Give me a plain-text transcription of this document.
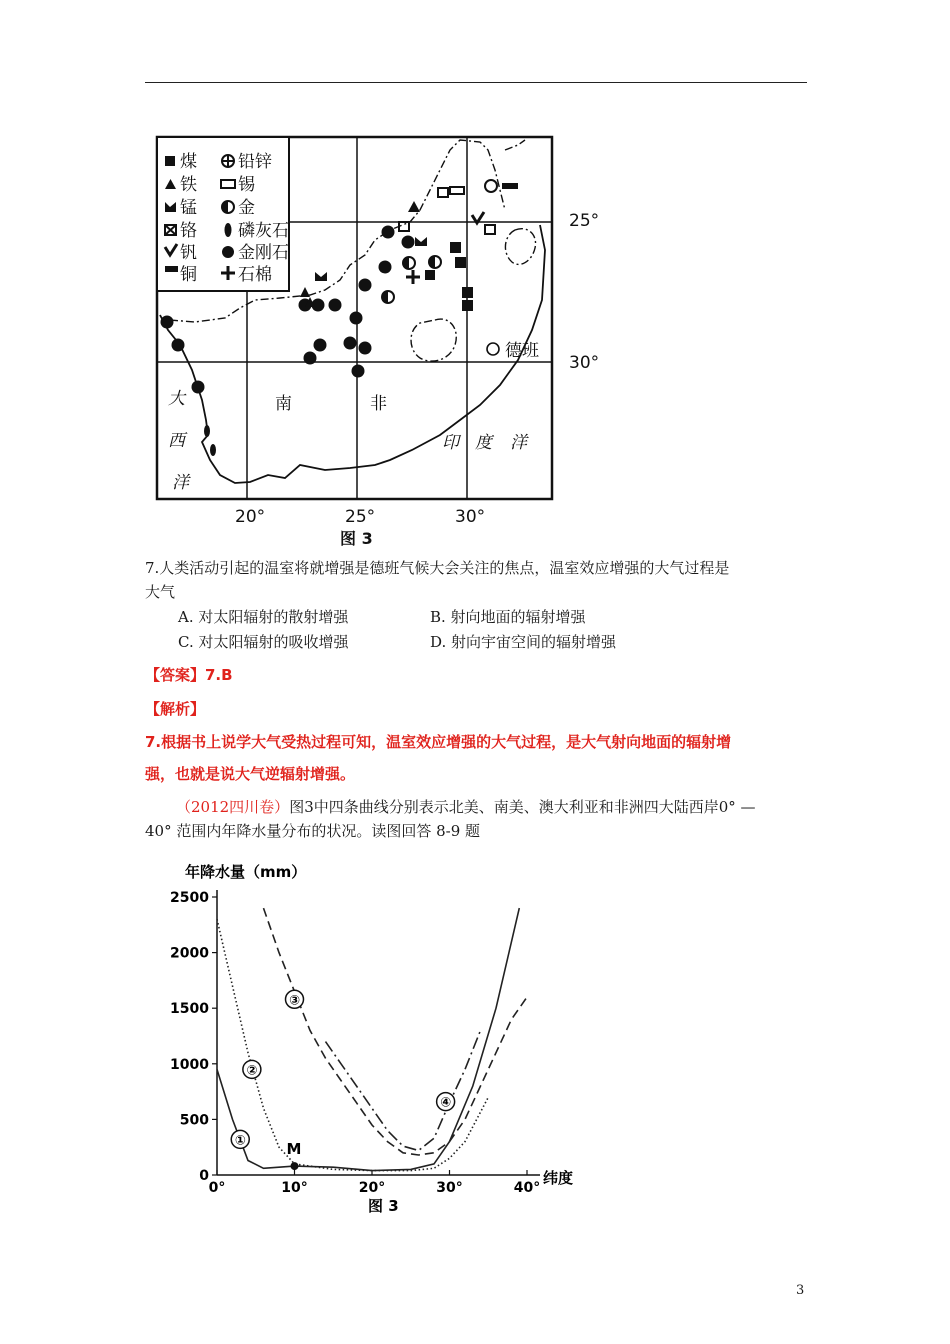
煤
铁
锰
铬
钒
铜
铅锌
锡
金
磷灰石
金刚石
石棉
25°
30°
20°	25°	30°
德班
南	非
大
西
洋
印 度 洋
图 3
7.人类活动引起的温室将就增强是德班气候大会关注的焦点，温室效应增强的大气过程是
大气
A. 对太阳辐射的散射增强	B. 射向地面的辐射增强
C. 对太阳辐射的吸收增强	D. 射向宇宙空间的辐射增强
【答案】7.B
【解析】
7.根据书上说学大气受热过程可知，温室效应增强的大气过程，是大气射向地面的辐射增
强，也就是说大气逆辐射增强。
（2012四川卷）图3中四条曲线分别表示北美、南美、澳大利亚和非洲四大陆西岸0° —
40° 范围内年降水量分布的状况。读图回答 8-9 题
年降水量（mm）
纬度
图 3
0
500
1000
1500
2000
2500
0°	10°	20°	30°	40°
①
②
③
④
M
3
